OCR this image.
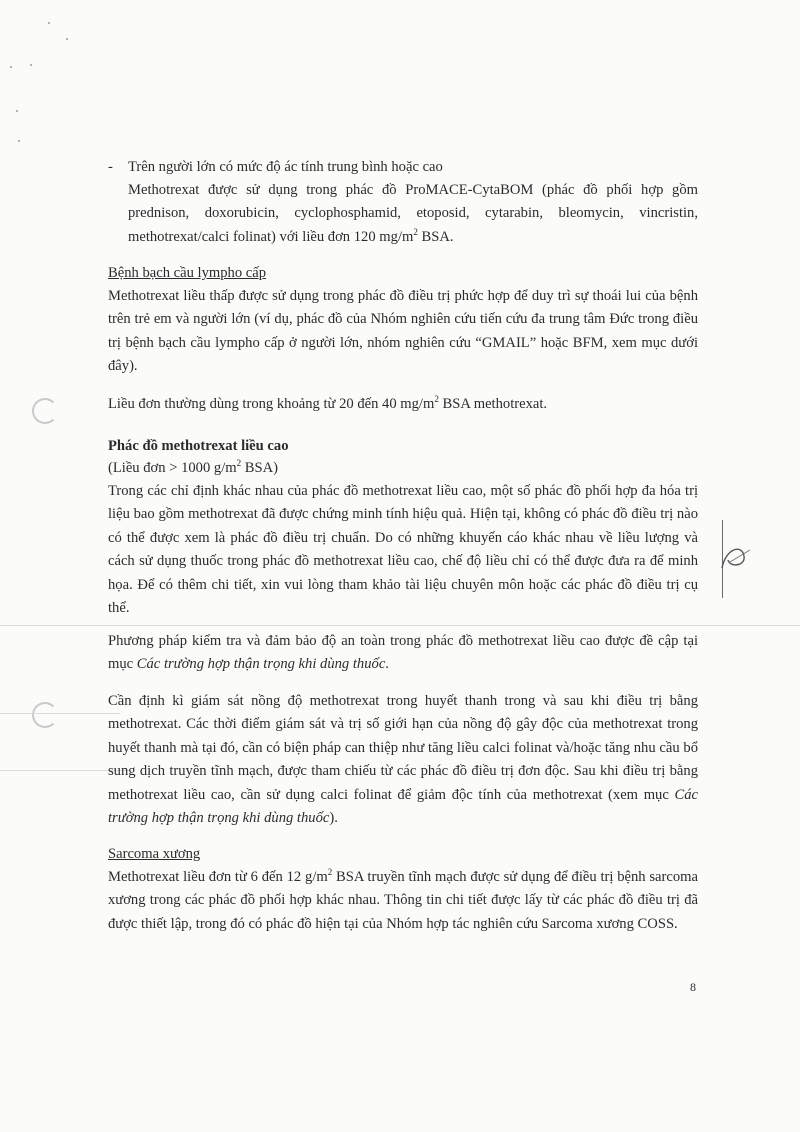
- Trên người lớn có mức độ ác tính trung bình hoặc cao

Methotrexat được sử dụng trong phác đồ ProMACE-CytaBOM (phác đồ phối hợp gồm prednison, doxorubicin, cyclophosphamid, etoposid, cytarabin, bleomycin, vincristin, methotrexat/calci folinat) với liều đơn 120 $mg/m^2$ BSA.

Bệnh bạch cầu lympho cấp

Methotrexat liều thấp được sử dụng trong phác đồ điều trị phức hợp để duy trì sự thoái lui của bệnh trên trẻ em và người lớn (ví dụ, phác đồ của Nhóm nghiên cứu tiến cứu đa trung tâm Đức trong điều trị bệnh bạch cầu lympho cấp ở người lớn, nhóm nghiên cứu “GMAIL” hoặc BFM, xem mục dưới đây).

Liều đơn thường dùng trong khoảng từ 20 đến 40 $mg/m^2$ BSA methotrexat.

Phác đồ methotrexat liều cao

(Liều đơn > 1000 $g/m^2$ BSA)

Trong các chỉ định khác nhau của phác đồ methotrexat liều cao, một số phác đồ phối hợp đa hóa trị liệu bao gồm methotrexat đã được chứng minh tính hiệu quả. Hiện tại, không có phác đồ điều trị nào có thể được xem là phác đồ điều trị chuẩn. Do có những khuyến cáo khác nhau về liều lượng và cách sử dụng thuốc trong phác đồ methotrexat liều cao, chế độ liều chỉ có thể được đưa ra để minh họa. Để có thêm chi tiết, xin vui lòng tham khảo tài liệu chuyên môn hoặc các phác đồ điều trị cụ thể.

Phương pháp kiểm tra và đảm bảo độ an toàn trong phác đồ methotrexat liều cao được đề cập tại mục Các trường hợp thận trọng khi dùng thuốc.

Cần định kì giám sát nồng độ methotrexat trong huyết thanh trong và sau khi điều trị bằng methotrexat. Các thời điểm giám sát và trị số giới hạn của nồng độ gây độc của methotrexat trong huyết thanh mà tại đó, cần có biện pháp can thiệp như tăng liều calci folinat và/hoặc tăng nhu cầu bổ sung dịch truyền tĩnh mạch, được tham chiếu từ các phác đồ điều trị đơn độc. Sau khi điều trị bằng methotrexat liều cao, cần sử dụng calci folinat để giảm độc tính của methotrexat (xem mục Các trường hợp thận trọng khi dùng thuốc).

Sarcoma xương

Methotrexat liều đơn từ 6 đến 12 $g/m^2$ BSA truyền tĩnh mạch được sử dụng để điều trị bệnh sarcoma xương trong các phác đồ phối hợp khác nhau. Thông tin chi tiết được lấy từ các phác đồ điều trị đã được thiết lập, trong đó có phác đồ hiện tại của Nhóm hợp tác nghiên cứu Sarcoma xương COSS.

8
